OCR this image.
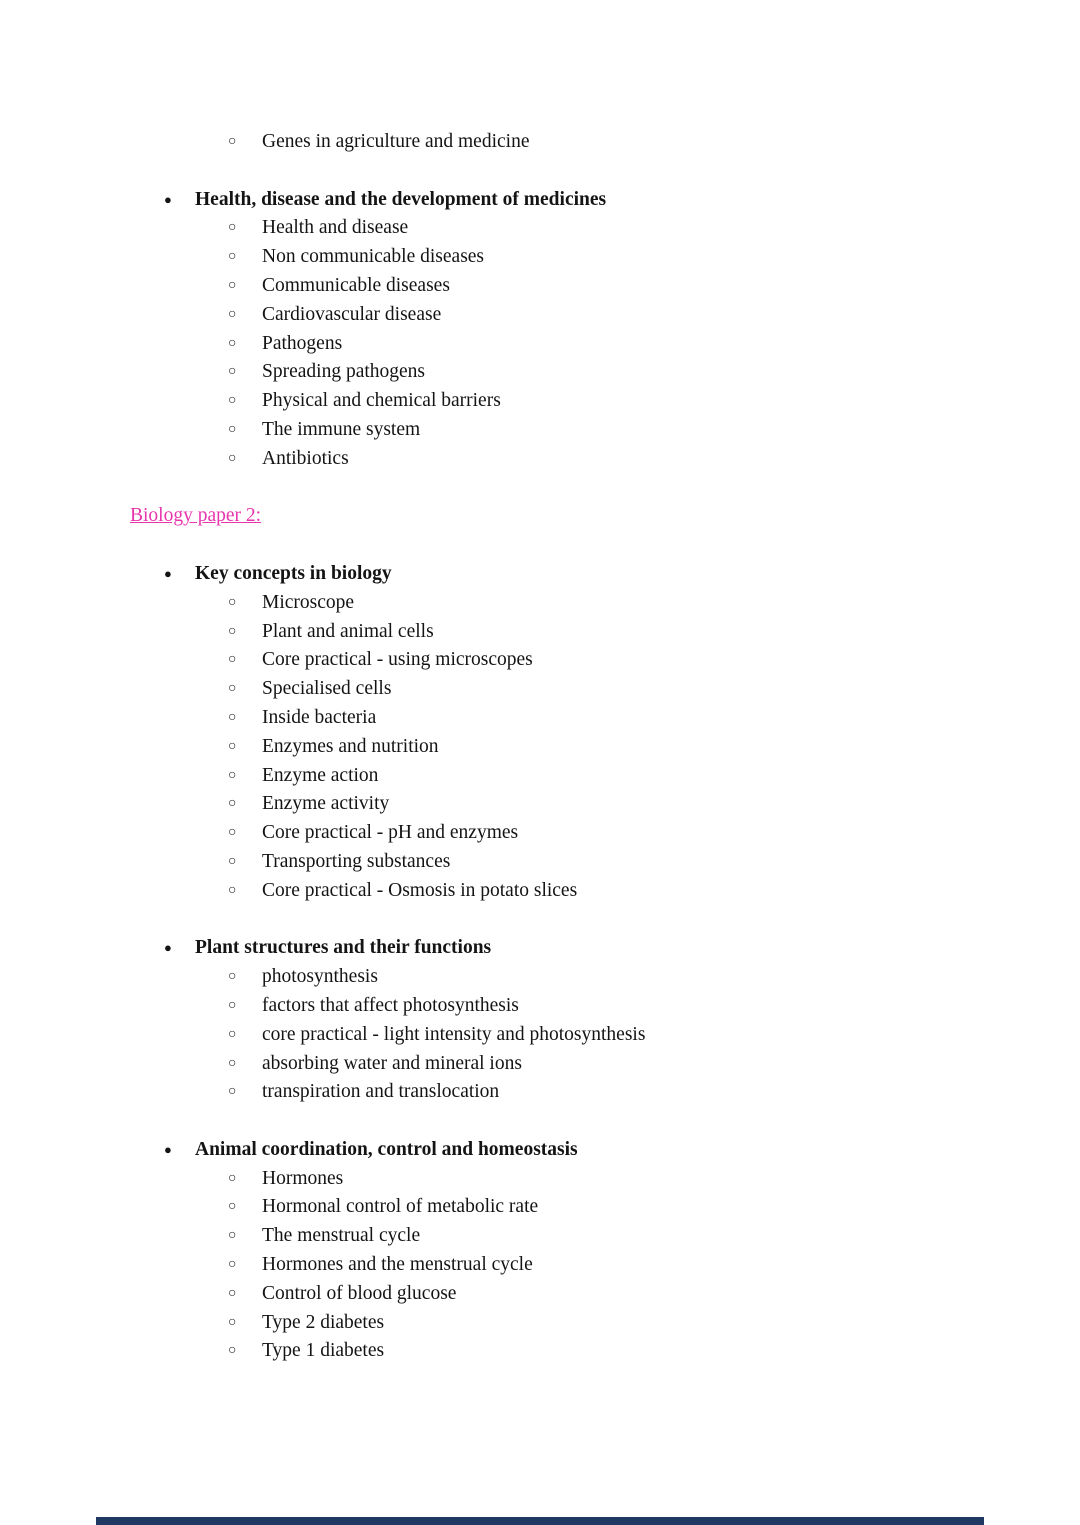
○	Genes in agriculture and medicine
●	Health, disease and the development of medicines
○	Health and disease
○	Non communicable diseases
○	Communicable diseases
○	Cardiovascular disease
○	Pathogens
○	Spreading pathogens
○	Physical and chemical barriers
○	The immune system
○	Antibiotics
Biology paper 2:
●	Key concepts in biology
○	Microscope
○	Plant and animal cells
○	Core practical - using microscopes
○	Specialised cells
○	Inside bacteria
○	Enzymes and nutrition
○	Enzyme action
○	Enzyme activity
○	Core practical - pH and enzymes
○	Transporting substances
○	Core practical - Osmosis in potato slices
●	Plant structures and their functions
○	photosynthesis
○	factors that affect photosynthesis
○	core practical - light intensity and photosynthesis
○	absorbing water and mineral ions
○	transpiration and translocation
●	Animal coordination, control and homeostasis
○	Hormones
○	Hormonal control of metabolic rate
○	The menstrual cycle
○	Hormones and the menstrual cycle
○	Control of blood glucose
○	Type 2 diabetes
○	Type 1 diabetes
